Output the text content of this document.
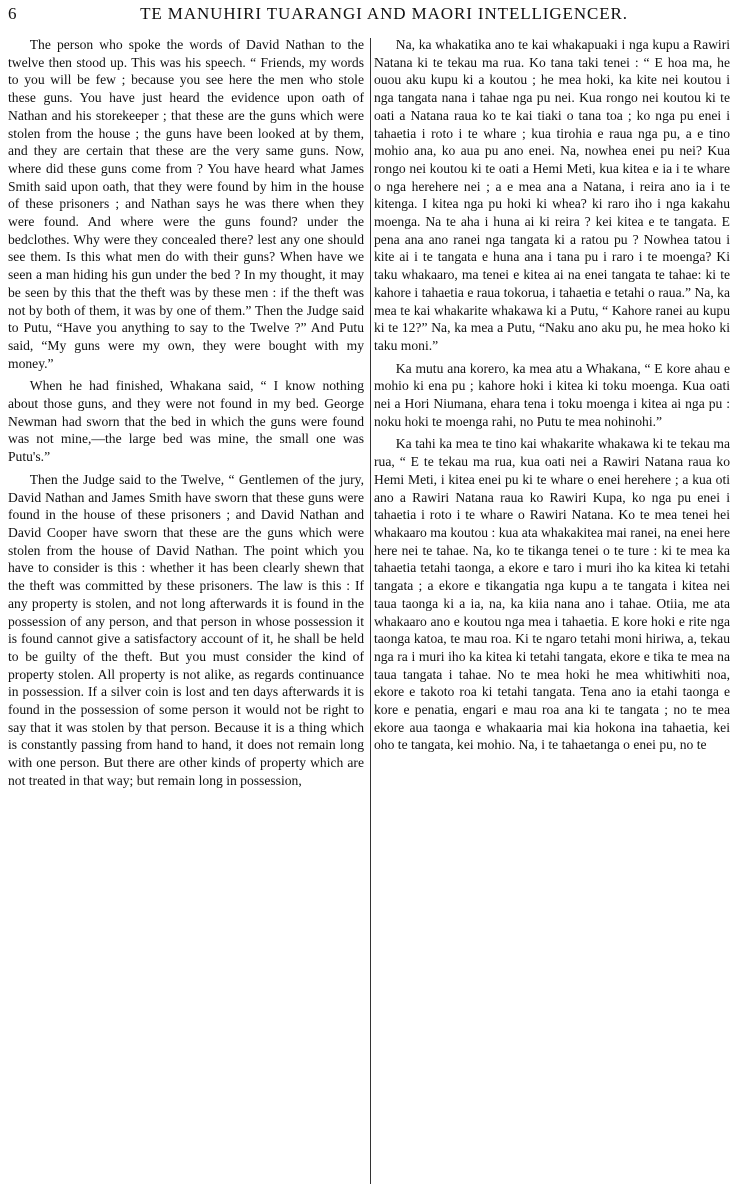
6	TE MANUHIRI TUARANGI AND MAORI INTELLIGENCER.

The person who spoke the words of David Nathan to the twelve then stood up. This was his speech. “ Friends, my words to you will be few ; because you see here the men who stole these guns. You have just heard the evidence upon oath of Nathan and his storekeeper ; that these are the guns which were stolen from the house ; the guns have been looked at by them, and they are certain that these are the very same guns. Now, where did these guns come from ? You have heard what James Smith said upon oath, that they were found by him in the house of these prisoners ; and Nathan says he was there when they were found. And where were the guns found? under the bedclothes. Why were they concealed there? lest any one should see them. Is this what men do with their guns? When have we seen a man hiding his gun under the bed ? In my thought, it may be seen by this that the theft was by these men : if the theft was not by both of them, it was by one of them.” Then the Judge said to Putu, “Have you anything to say to the Twelve ?” And Putu said, “My guns were my own, they were bought with my money.”

When he had finished, Whakana said, “ I know nothing about those guns, and they were not found in my bed. George Newman had sworn that the bed in which the guns were found was not mine,—the large bed was mine, the small one was Putu's.”

Then the Judge said to the Twelve, “ Gentlemen of the jury, David Nathan and James Smith have sworn that these guns were found in the house of these prisoners ; and David Nathan and David Cooper have sworn that these are the guns which were stolen from the house of David Nathan. The point which you have to consider is this : whether it has been clearly shewn that the theft was committed by these prisoners. The law is this : If any property is stolen, and not long afterwards it is found in the possession of any person, and that person in whose possession it is found cannot give a satisfactory account of it, he shall be held to be guilty of the theft. But you must consider the kind of property stolen. All property is not alike, as regards continuance in possession. If a silver coin is lost and ten days afterwards it is found in the possession of some person it would not be right to say that it was stolen by that person. Because it is a thing which is constantly passing from hand to hand, it does not remain long with one person. But there are other kinds of property which are not treated in that way; but remain long in possession,

Na, ka whakatika ano te kai whakapuaki i nga kupu a Rawiri Natana ki te tekau ma rua. Ko tana taki tenei : “ E hoa ma, he ouou aku kupu ki a koutou ; he mea hoki, ka kite nei koutou i nga tangata nana i tahae nga pu nei. Kua rongo nei koutou ki te oati a Natana raua ko te kai tiaki o tana toa ; ko nga pu enei i tahaetia i roto i te whare ; kua tirohia e raua nga pu, a e tino mohio ana, ko aua pu ano enei. Na, nowhea enei pu nei? Kua rongo nei koutou ki te oati a Hemi Meti, kua kitea e ia i te whare o nga herehere nei ; a e mea ana a Natana, i reira ano ia i te kitenga. I kitea nga pu hoki ki whea? ki raro iho i nga kakahu moenga. Na te aha i huna ai ki reira ? kei kitea e te tangata. E pena ana ano ranei nga tangata ki a ratou pu ? Nowhea tatou i kite ai i te tangata e huna ana i tana pu i raro i te moenga? Ki taku whakaaro, ma tenei e kitea ai na enei tangata te tahae: ki te kahore i tahaetia e raua tokorua, i tahaetia e tetahi o raua.” Na, ka mea te kai whakarite whakawa ki a Putu, “ Kahore ranei au kupu ki te 12?” Na, ka mea a Putu, “Naku ano aku pu, he mea hoko ki taku moni.”

Ka mutu ana korero, ka mea atu a Whakana, “ E kore ahau e mohio ki ena pu ; kahore hoki i kitea ki toku moenga. Kua oati nei a Hori Niumana, ehara tena i toku moenga i kitea ai nga pu : noku hoki te moenga rahi, no Putu te mea nohinohi.”

Ka tahi ka mea te tino kai whakarite whakawa ki te tekau ma rua, “ E te tekau ma rua, kua oati nei a Rawiri Natana raua ko Hemi Meti, i kitea enei pu ki te whare o enei herehere ; a kua oti ano a Rawiri Natana raua ko Rawiri Kupa, ko nga pu enei i tahaetia i roto i te whare o Rawiri Natana. Ko te mea tenei hei whakaaro ma koutou : kua ata whakakitea mai ranei, na enei here here nei te tahae. Na, ko te tikanga tenei o te ture : ki te mea ka tahaetia tetahi taonga, a ekore e taro i muri iho ka kitea ki tetahi tangata ; a ekore e tikangatia nga kupu a te tangata i kitea nei taua taonga ki a ia, na, ka kiia nana ano i tahae. Otiia, me ata whakaaro ano e koutou nga mea i tahaetia. E kore hoki e rite nga taonga katoa, te mau roa. Ki te ngaro tetahi moni hiriwa, a, tekau nga ra i muri iho ka kitea ki tetahi tangata, ekore e tika te mea na taua tangata i tahae. No te mea hoki he mea whitiwhiti noa, ekore e takoto roa ki tetahi tangata. Tena ano ia etahi taonga e kore e penatia, engari e mau roa ana ki te tangata ; no te mea ekore aua taonga e whakaaria mai kia hokona ina tahaetia, kei oho te tangata, kei mohio. Na, i te tahaetanga o enei pu, no te
